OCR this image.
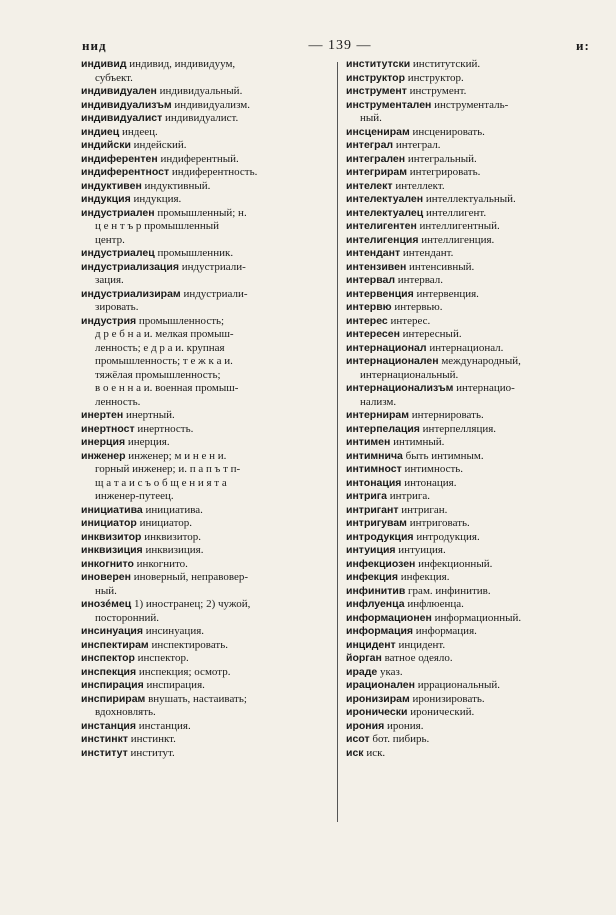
нид	— 139 —	и:
индивид индивид, индивидуум,
субъект.
индивидуален индивидуальный.
индивидуализъм индивидуализм.
индивидуалист индивидуалист.
индиец индеец.
индийски индейский.
индиферентен индиферентный.
индиферентност индиферентность.
индуктивен индуктивный.
индукция индукция.
индустриален промышленный; н.
ц е н т ъ р промышленный
центр.
индустриалец промышленник.
индустриализация индустриали-
зация.
индустриализирам индустриали-
зировать.
индустрия промышленность;
д р е б н а и. мелкая промыш-
ленность; е д р а и. крупная
промышленность; т е ж к а и.
тяжёлая промышленность;
в о е н н а и. военная промыш-
ленность.
инертен инертный.
инертност инертность.
инерция инерция.
инженер инженер; м и н е н и.
горный инженер; и. п а п ъ т п-
щ а т а и с ъ о б щ е н и я т а
инженер-путеец.
инициатива инициатива.
инициатор инициатор.
инквизитор инквизитор.
инквизиция инквизиция.
инкогнито инкогнито.
иноверен иноверный, неправовер-
ный.
инозéмец 1) иностранец; 2) чужой,
посторонний.
инсинуация инсинуация.
инспектирам инспектировать.
инспектор инспектор.
инспекция инспекция; осмотр.
инспирация инспирация.
инспирирам внушать, настаивать;
вдохновлять.
инстанция инстанция.
инстинкт инстинкт.
институт институт.
институтски институтский.
инструктор инструктор.
инструмент инструмент.
инструментален инструменталь-
ный.
инсценирам инсценировать.
интеграл интеграл.
интегрален интегральный.
интегрирам интегрировать.
интелект интеллект.
интелектуален интеллектуальный.
интелектуалец интеллигент.
интелигентен интеллигентный.
интелигенция интеллигенция.
интендант интендант.
интензивен интенсивный.
интервал интервал.
интервенция интервенция.
интервю интервью.
интерес интерес.
интересен интересный.
интернационал интернационал.
интернационален международный,
интернациональный.
интернационализъм интернацио-
нализм.
интернирам интернировать.
интерпелация интерпелляция.
интимен интимный.
интимнича быть интимным.
интимност интимность.
интонация интонация.
интрига интрига.
интригант интриган.
интригувам интриговать.
интродукция интродукция.
интуиция интуиция.
инфекциозен инфекционный.
инфекция инфекция.
инфинитив грам. инфинитив.
инфлуенца инфлюенца.
информационен информационный.
информация информация.
инцидент инцидент.
йорган ватное одеяло.
ираде указ.
ирационален иррациональный.
иронизирам иронизировать.
иронически иронический.
ирония ирония.
исот бот. пибирь.
иск иск.
